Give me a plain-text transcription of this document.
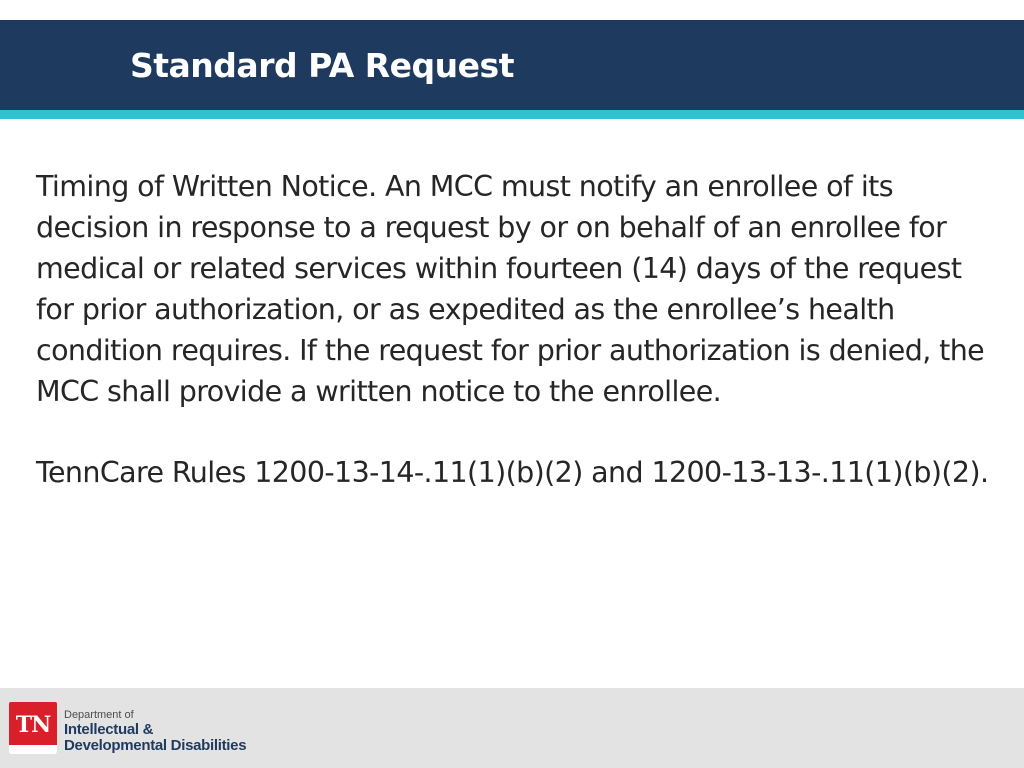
Standard PA Request

Timing of Written Notice. An MCC must notify an enrollee of its decision in response to a request by or on behalf of an enrollee for medical or related services within fourteen (14) days of the request for prior authorization, or as expedited as the enrollee’s health condition requires. If the request for prior authorization is denied, the MCC shall provide a written notice to the enrollee.

TennCare Rules 1200-13-14-.11(1)(b)(2) and 1200-13-13-.11(1)(b)(2).

TN	Department of
Intellectual &
Developmental Disabilities
